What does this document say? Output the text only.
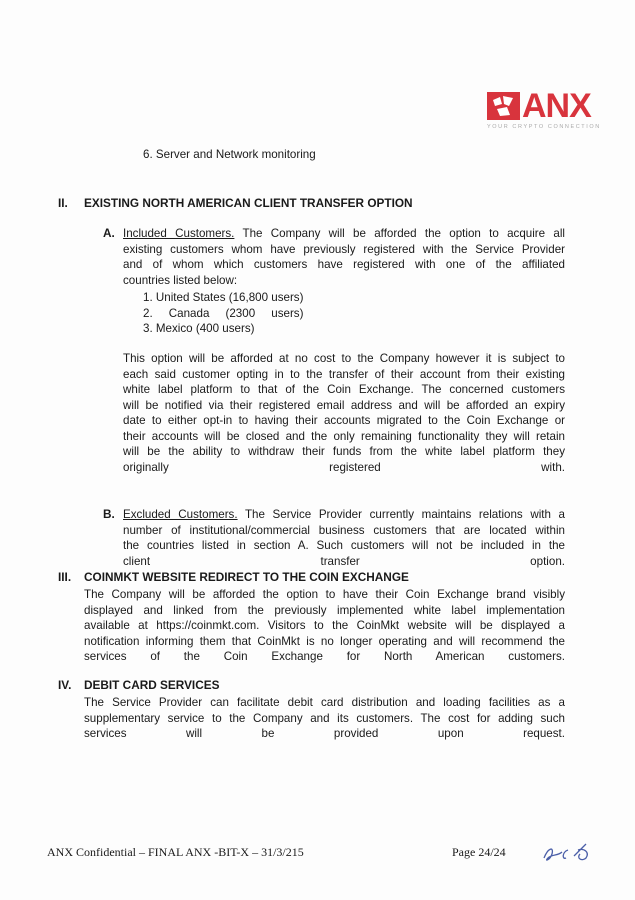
ANX
YOUR CRYPTO CONNECTION
6. Server and Network monitoring
II. EXISTING NORTH AMERICAN CLIENT TRANSFER OPTION
A. Included Customers. The Company will be afforded the option to acquire all
existing customers whom have previously registered with the Service Provider
and of whom which customers have registered with one of the affiliated
countries listed below:
1. United States (16,800 users)
2. Canada (2300 users)
3. Mexico (400 users)
This option will be afforded at no cost to the Company however it is subject to
each said customer opting in to the transfer of their account from their existing
white label platform to that of the Coin Exchange. The concerned customers
will be notified via their registered email address and will be afforded an expiry
date to either opt-in to having their accounts migrated to the Coin Exchange or
their accounts will be closed and the only remaining functionality they will retain
will be the ability to withdraw their funds from the white label platform they
originally registered with.
B. Excluded Customers. The Service Provider currently maintains relations with a
number of institutional/commercial business customers that are located within
the countries listed in section A. Such customers will not be included in the
client transfer option.
III. COINMKT WEBSITE REDIRECT TO THE COIN EXCHANGE
The Company will be afforded the option to have their Coin Exchange brand visibly
displayed and linked from the previously implemented white label implementation
available at https://coinmkt.com. Visitors to the CoinMkt website will be displayed a
notification informing them that CoinMkt is no longer operating and will recommend the
services of the Coin Exchange for North American customers.
IV. DEBIT CARD SERVICES
The Service Provider can facilitate debit card distribution and loading facilities as a
supplementary service to the Company and its customers. The cost for adding such
services will be provided upon request.
ANX Confidential – FINAL ANX -BIT-X – 31/3/215	Page 24/24
